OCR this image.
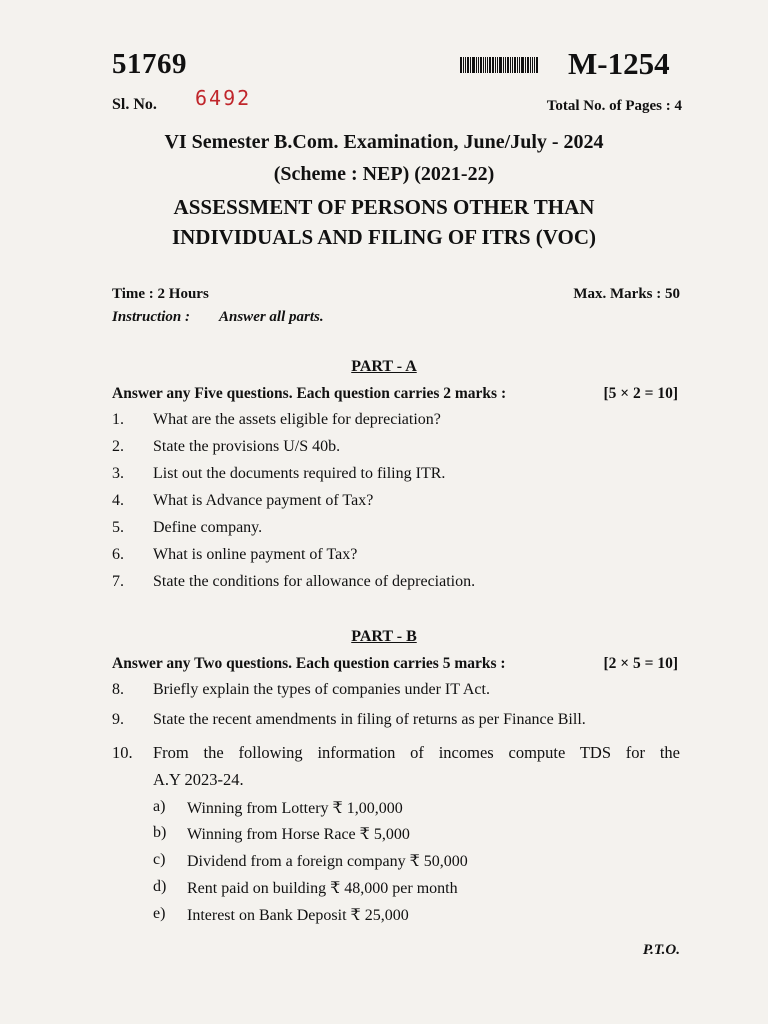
51769	M-1254
Sl. No. 6492	Total No. of Pages : 4
VI Semester B.Com. Examination, June/July - 2024
(Scheme : NEP) (2021-22)
ASSESSMENT OF PERSONS OTHER THAN
INDIVIDUALS AND FILING OF ITRS (VOC)
Time : 2 Hours	Max. Marks : 50
Instruction : Answer all parts.
PART - A
Answer any Five questions. Each question carries 2 marks :	[5 × 2 = 10]
1. What are the assets eligible for depreciation?
2. State the provisions U/S 40b.
3. List out the documents required to filing ITR.
4. What is Advance payment of Tax?
5. Define company.
6. What is online payment of Tax?
7. State the conditions for allowance of depreciation.
PART - B
Answer any Two questions. Each question carries 5 marks :	[2 × 5 = 10]
8. Briefly explain the types of companies under IT Act.
9. State the recent amendments in filing of returns as per Finance Bill.
10. From the following information of incomes compute TDS for the
A.Y 2023-24.
a) Winning from Lottery ₹ 1,00,000
b) Winning from Horse Race ₹ 5,000
c) Dividend from a foreign company ₹ 50,000
d) Rent paid on building ₹ 48,000 per month
e) Interest on Bank Deposit ₹ 25,000
P.T.O.
